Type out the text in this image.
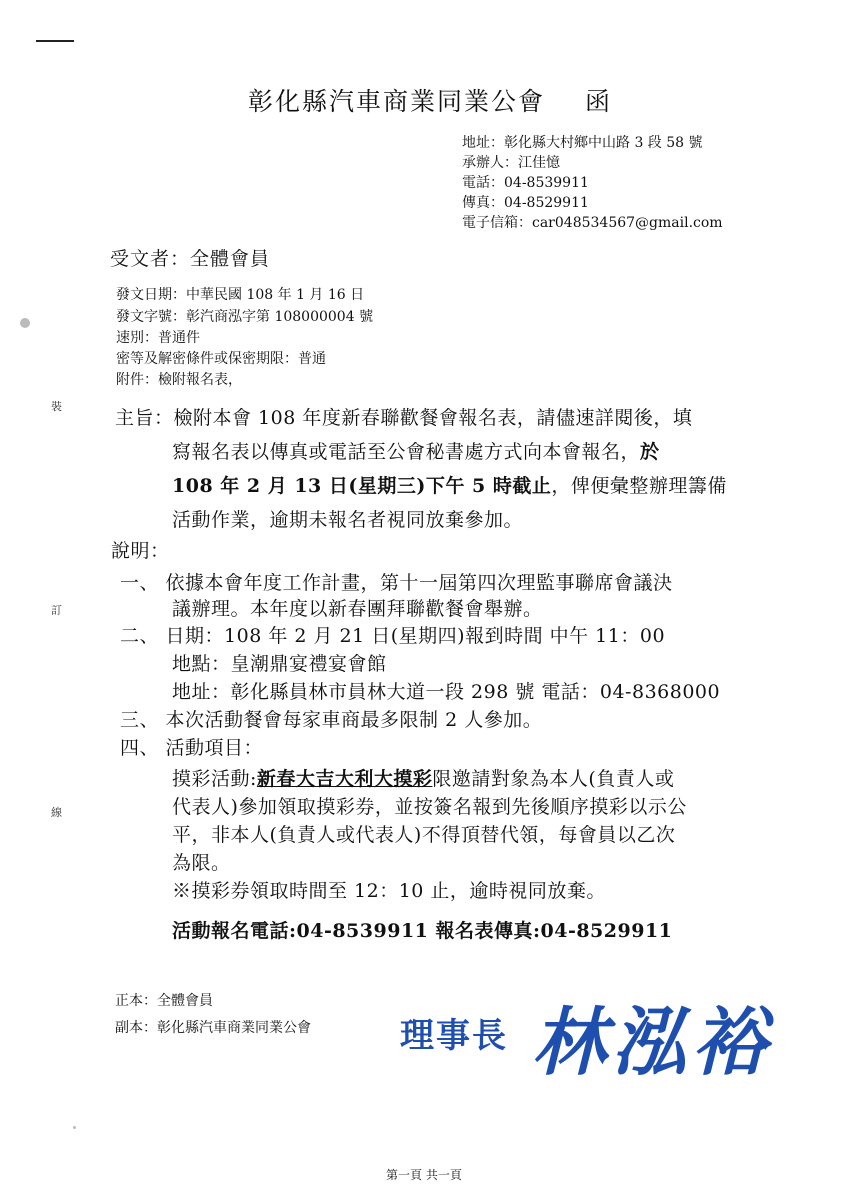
裝
訂
線
彰化縣汽車商業同業公會 函
地址：彰化縣大村鄉中山路 3 段 58 號
承辦人：江佳憶
電話：04-8539911
傳真：04-8529911
電子信箱：car048534567@gmail.com
受文者：全體會員
發文日期：中華民國 108 年 1 月 16 日
發文字號：彰汽商泓字第 108000004 號
速別：普通件
密等及解密條件或保密期限：普通
附件：檢附報名表，
主旨：檢附本會 108 年度新春聯歡餐會報名表，請儘速詳閱後，填
寫報名表以傳真或電話至公會秘書處方式向本會報名，於
108 年 2 月 13 日(星期三)下午 5 時截止，俾便彙整辦理籌備
活動作業，逾期未報名者視同放棄參加。
說明：
一、 依據本會年度工作計畫，第十一屆第四次理監事聯席會議決
議辦理。本年度以新春團拜聯歡餐會舉辦。
二、 日期：108 年 2 月 21 日(星期四)報到時間 中午 11：00
地點：皇潮鼎宴禮宴會館
地址：彰化縣員林市員林大道一段 298 號 電話：04-8368000
三、 本次活動餐會每家車商最多限制 2 人參加。
四、 活動項目：
摸彩活動:新春大吉大利大摸彩限邀請對象為本人(負責人或
代表人)參加領取摸彩券，並按簽名報到先後順序摸彩以示公
平，非本人(負責人或代表人)不得頂替代領，每會員以乙次
為限。
※摸彩券領取時間至 12：10 止，逾時視同放棄。
活動報名電話:04-8539911 報名表傳真:04-8529911
正本：全體會員
副本：彰化縣汽車商業同業公會	理事長 林泓裕
第一頁 共一頁
